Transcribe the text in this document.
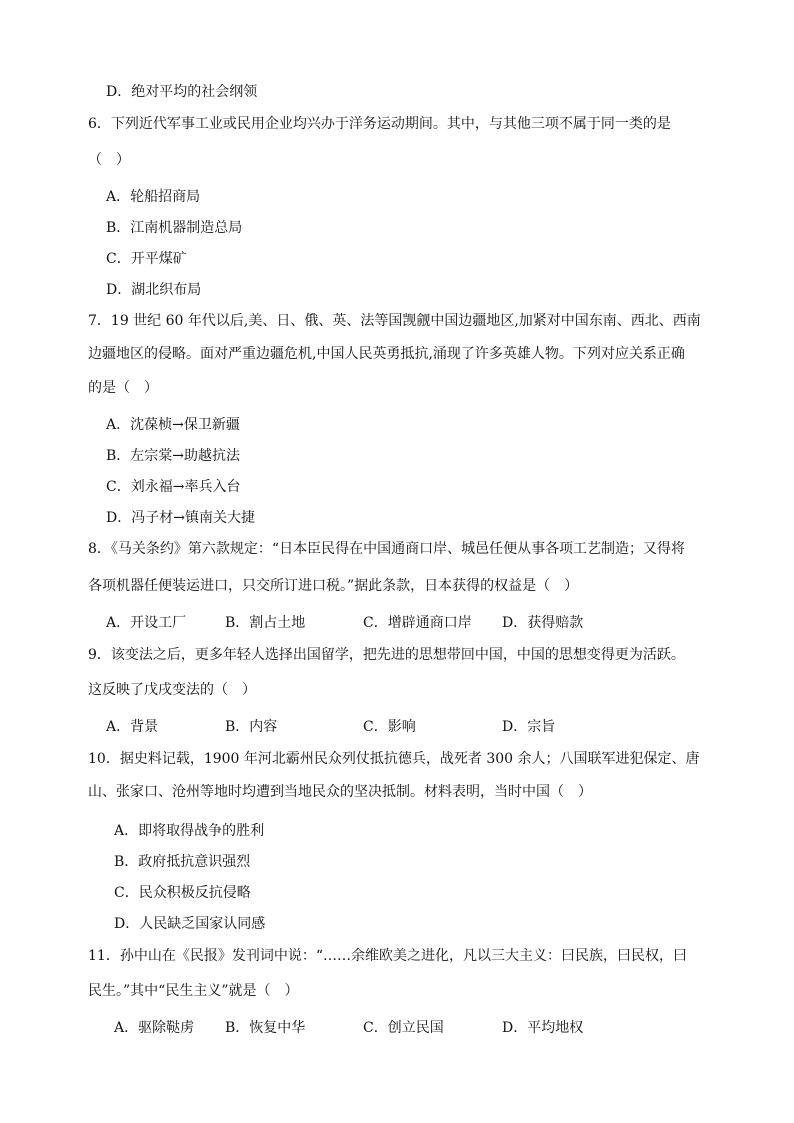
D．绝对平均的社会纲领
6．下列近代军事工业或民用企业均兴办于洋务运动期间。其中，与其他三项不属于同一类的是
（　）
A．轮船招商局
B．江南机器制造总局
C．开平煤矿
D．湖北织布局
7．19 世纪 60 年代以后,美、日、俄、英、法等国觊觎中国边疆地区,加紧对中国东南、西北、西南
边疆地区的侵略。面对严重边疆危机,中国人民英勇抵抗,涌现了许多英雄人物。下列对应关系正确
的是（　）
A．沈葆桢→保卫新疆
B．左宗棠→助越抗法
C．刘永福→率兵入台
D．冯子材→镇南关大捷
8．《马关条约》第六款规定：“日本臣民得在中国通商口岸、城邑任便从事各项工艺制造；又得将
各项机器任便装运进口，只交所订进口税。”据此条款，日本获得的权益是（　）
A．开设工厂	B．割占土地	C．增辟通商口岸 D．获得赔款
9．该变法之后，更多年轻人选择出国留学，把先进的思想带回中国，中国的思想变得更为活跃。
这反映了戊戌变法的（　）
A．背景	B．内容	C．影响	D．宗旨
10．据史料记载，1900 年河北霸州民众列仗抵抗德兵，战死者 300 余人；八国联军进犯保定、唐
山、张家口、沧州等地时均遭到当地民众的坚决抵制。材料表明，当时中国（　）
A．即将取得战争的胜利
B．政府抵抗意识强烈
C．民众积极反抗侵略
D．人民缺乏国家认同感
11．孙中山在《民报》发刊词中说：“……余维欧美之进化，凡以三大主义：曰民族，曰民权，曰
民生。”其中“民生主义”就是（　）
A．驱除鞑虏 B．恢复中华	C．创立民国	D．平均地权
